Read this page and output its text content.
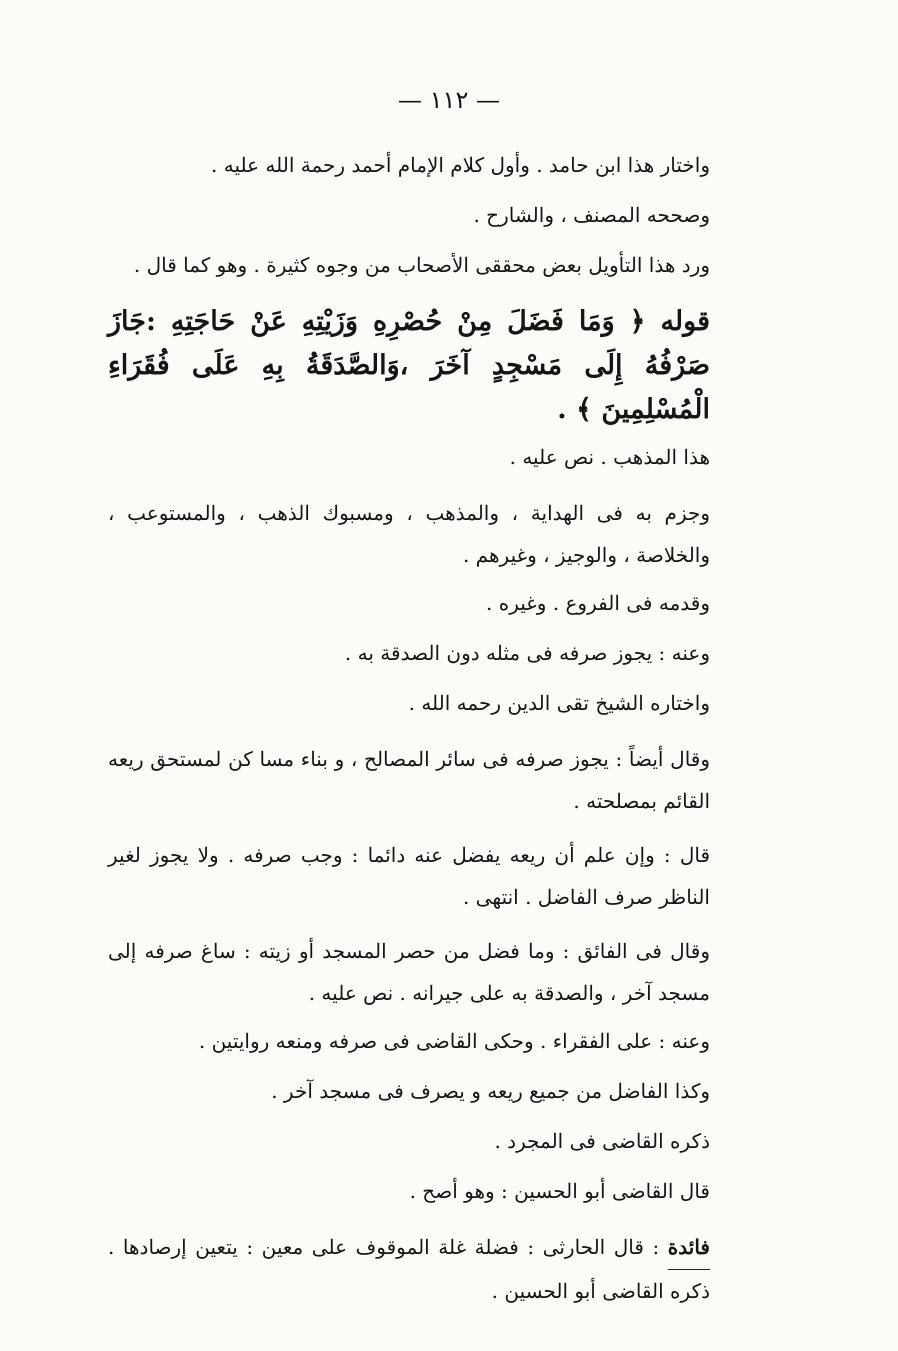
— ١١٢ —
واختار هذا ابن حامد . وأول كلام الإمام أحمد رحمة الله عليه .
وصححه المصنف ، والشارح .
ورد هذا التأويل بعض محققى الأصحاب من وجوه كثيرة . وهو كما قال .
قوله ﴿ وَمَا فَضَلَ مِنْ حُصْرِهِ وَزَيْتِهِ عَنْ حَاجَتِهِ :جَازَ صَرْفُهُ إِلَى مَسْجِدٍ آخَرَ ،وَالصَّدَقَةُ بِهِ عَلَى فُقَرَاءِ الْمُسْلِمِينَ ﴾ .
هذا المذهب . نص عليه .
وجزم به فى الهداية ، والمذهب ، ومسبوك الذهب ، والمستوعب ، والخلاصة ، والوجيز ، وغيرهم .
وقدمه فى الفروع . وغيره .
وعنه : يجوز صرفه فى مثله دون الصدقة به .
واختاره الشيخ تقى الدين رحمه الله .
وقال أيضاً : يجوز صرفه فى سائر المصالح ، و بناء مسا كن لمستحق ريعه القائم بمصلحته .
قال : وإن علم أن ريعه يفضل عنه دائما : وجب صرفه . ولا يجوز لغير الناظر صرف الفاضل . انتهى .
وقال فى الفائق : وما فضل من حصر المسجد أو زيته : ساغ صرفه إلى مسجد آخر ، والصدقة به على جيرانه . نص عليه .
وعنه : على الفقراء . وحكى القاضى فى صرفه ومنعه روايتين .
وكذا الفاضل من جميع ريعه و يصرف فى مسجد آخر .
ذكره القاضى فى المجرد .
قال القاضى أبو الحسين : وهو أصح .
فائدة : قال الحارثى : فضلة غلة الموقوف على معين : يتعين إرصادها . ذكره القاضى أبو الحسين .
